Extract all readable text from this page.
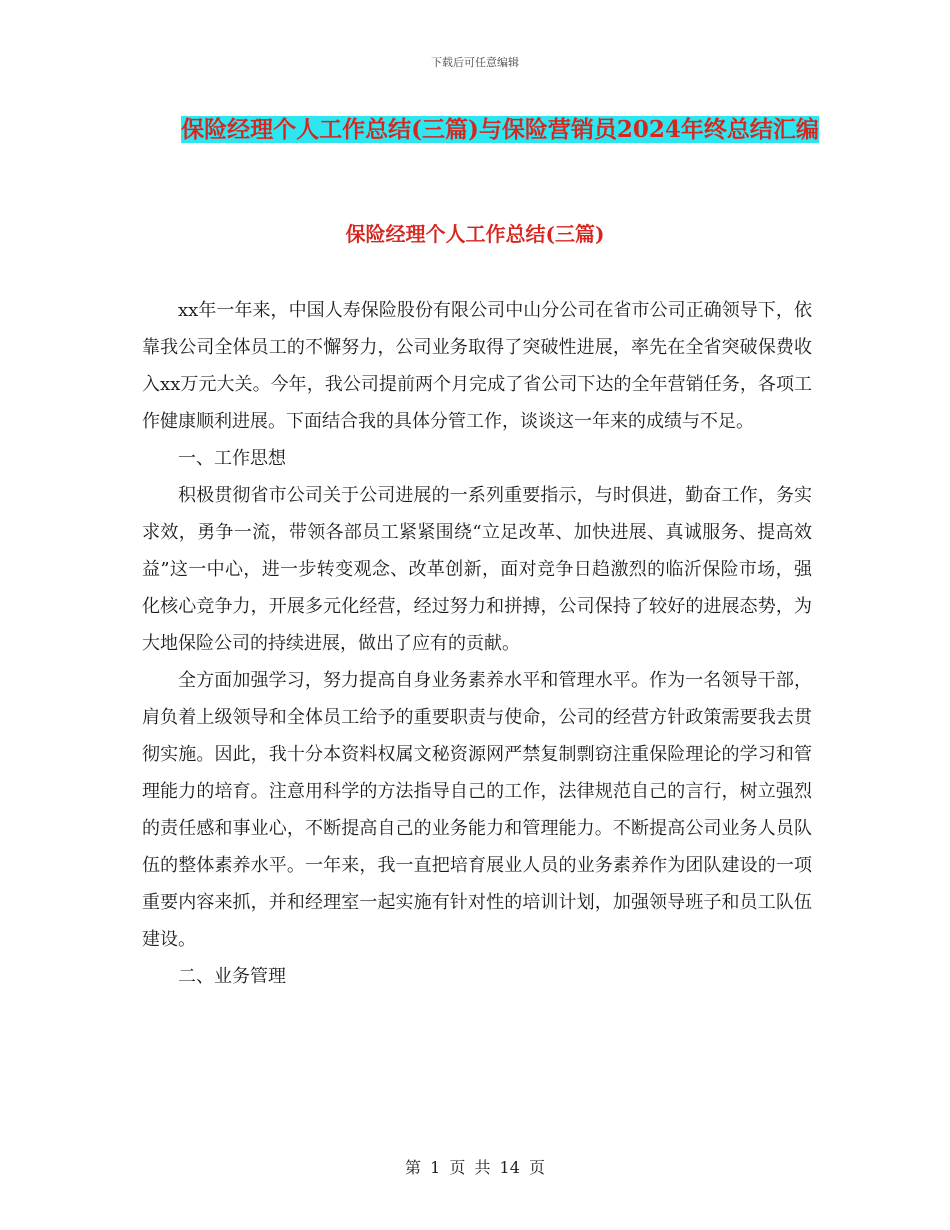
下载后可任意编辑
保险经理个人工作总结(三篇)与保险营销员2024年终总结汇编
保险经理个人工作总结(三篇)

xx年一年来，中国人寿保险股份有限公司中山分公司在省市公司正确领导下，依靠我公司全体员工的不懈努力，公司业务取得了突破性进展，率先在全省突破保费收入xx万元大关。今年，我公司提前两个月完成了省公司下达的全年营销任务，各项工作健康顺利进展。下面结合我的具体分管工作，谈谈这一年来的成绩与不足。

一、工作思想

积极贯彻省市公司关于公司进展的一系列重要指示，与时俱进，勤奋工作，务实求效，勇争一流，带领各部员工紧紧围绕“立足改革、加快进展、真诚服务、提高效益”这一中心，进一步转变观念、改革创新，面对竞争日趋激烈的临沂保险市场，强化核心竞争力，开展多元化经营，经过努力和拼搏，公司保持了较好的进展态势，为大地保险公司的持续进展，做出了应有的贡献。

全方面加强学习，努力提高自身业务素养水平和管理水平。作为一名领导干部，肩负着上级领导和全体员工给予的重要职责与使命，公司的经营方针政策需要我去贯彻实施。因此，我十分本资料权属文秘资源网严禁复制剽窃注重保险理论的学习和管理能力的培育。注意用科学的方法指导自己的工作，法律规范自己的言行，树立强烈的责任感和事业心，不断提高自己的业务能力和管理能力。不断提高公司业务人员队伍的整体素养水平。一年来，我一直把培育展业人员的业务素养作为团队建设的一项重要内容来抓，并和经理室一起实施有针对性的培训计划，加强领导班子和员工队伍建设。

二、业务管理

第 1 页 共 14 页
